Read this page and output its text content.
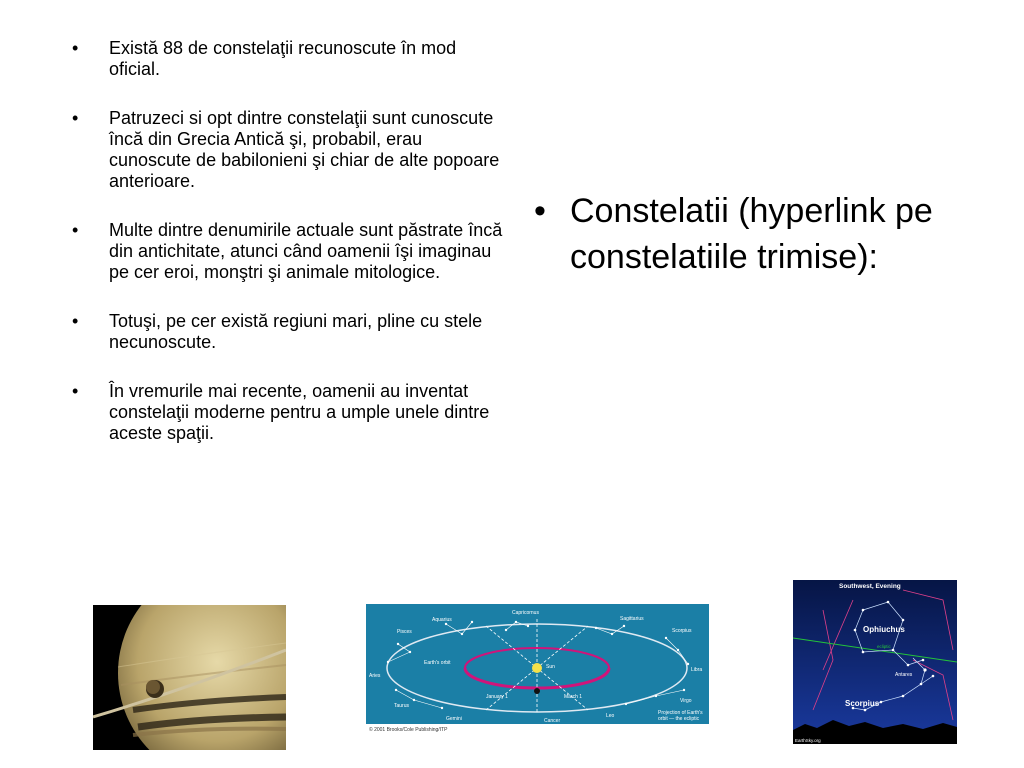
• Există 88 de constelaţii recunoscute în mod oficial.
• Patruzeci si opt dintre constelaţii sunt cunoscute încă din Grecia Antică şi, probabil, erau cunoscute de babilonieni şi chiar de alte popoare anterioare.
• Multe dintre denumirile actuale sunt păstrate încă din antichitate, atunci când oamenii îşi imaginau pe cer eroi, monştri şi animale mitologice.
• Totuşi, pe cer există regiuni mari, pline cu stele necunoscute.
• În vremurile mai recente, oamenii au inventat constelaţii moderne pentru a umple unele dintre aceste spaţii.
• Constelatii (hyperlink pe constelatiile trimise):
Capricornus
Aquarius	Sagittarius
Pisces	Scorpius
Aries
Libra
Earth's orbit
Sun
Taurus
January 1	March 1
Virgo
Gemini	Cancer
Leo	Projection of Earth's
orbit — the ecliptic
© 2001 Brooks/Cole Publishing/ITP
Southwest, Evening
Ophiuchus
ecliptic
Antares
Scorpius
EarthSky.org
